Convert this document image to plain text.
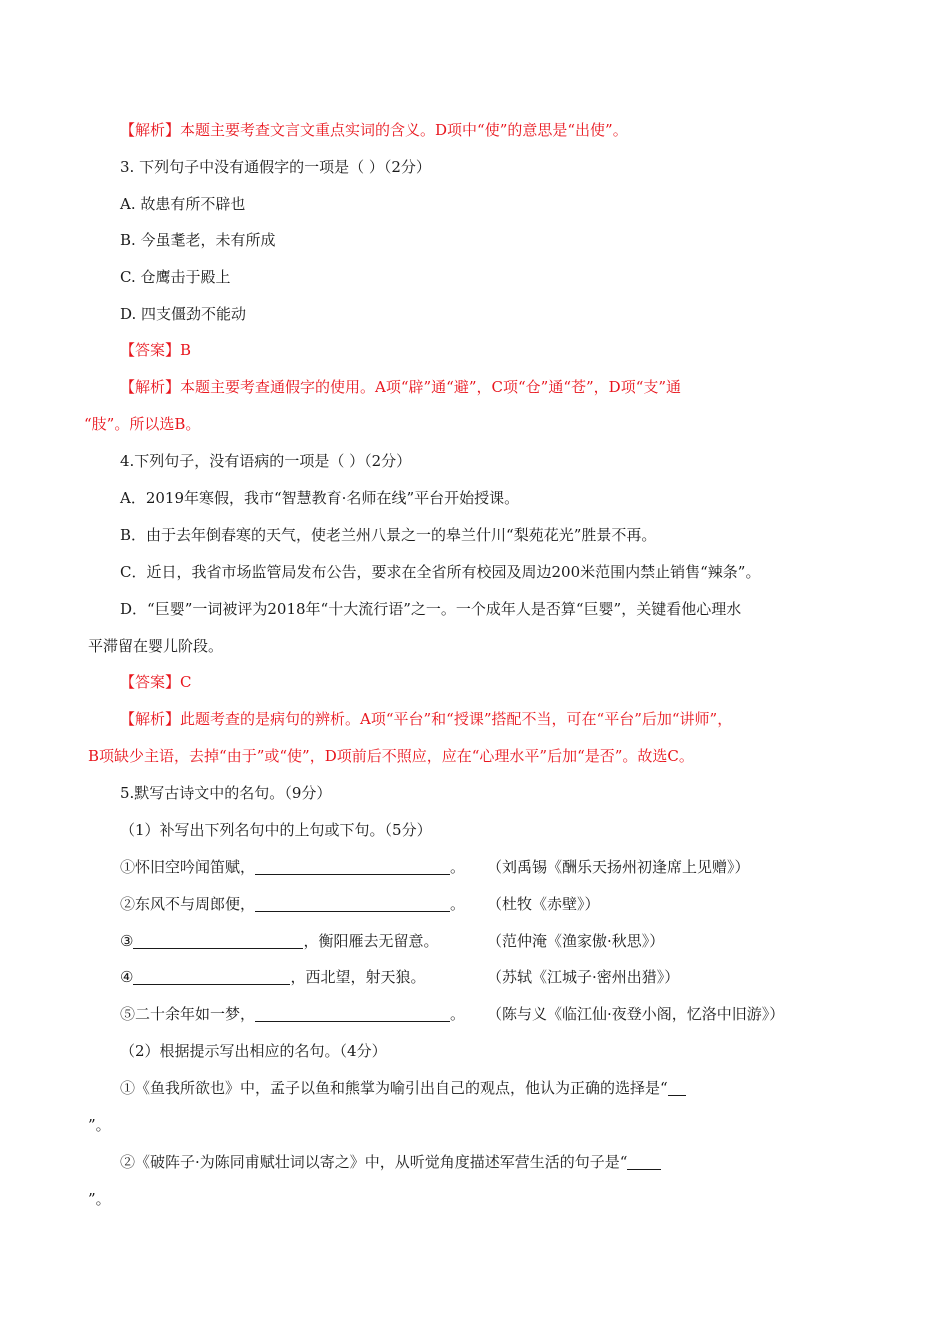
【解析】本题主要考查文言文重点实词的含义。D项中“使”的意思是“出使”。
3. 下列句子中没有通假字的一项是（ ）（2分）
A. 故患有所不辟也
B. 今虽耄老，未有所成
C. 仓鹰击于殿上
D. 四支僵劲不能动
【答案】B
【解析】本题主要考查通假字的使用。A项“辟”通“避”，C项“仓”通“苍”，D项“支”通
“肢”。所以选B。
4.下列句子，没有语病的一项是（ ）（2分）
A．2019年寒假，我市“智慧教育·名师在线”平台开始授课。
B．由于去年倒春寒的天气，使老兰州八景之一的皋兰什川“梨苑花光”胜景不再。
C．近日，我省市场监管局发布公告，要求在全省所有校园及周边200米范围内禁止销售“辣条”。
D．“巨婴”一词被评为2018年“十大流行语”之一。一个成年人是否算“巨婴”，关键看他心理水
平滞留在婴儿阶段。
【答案】C
【解析】此题考查的是病句的辨析。A项“平台”和“授课”搭配不当，可在“平台”后加“讲师”，
B项缺少主语，去掉“由于”或“使”，D项前后不照应，应在“心理水平”后加“是否”。故选C。
5.默写古诗文中的名句。（9分）
（1）补写出下列名句中的上句或下句。（5分）
①怀旧空吟闻笛赋，	。 （刘禹锡《酬乐天扬州初逢席上见赠》）
②东风不与周郎便，	。 （杜牧《赤壁》）
③	，衡阳雁去无留意。	（范仲淹《渔家傲·秋思》）
④	，西北望，射天狼。	（苏轼《江城子·密州出猎》）
⑤二十余年如一梦，	。 （陈与义《临江仙·夜登小阁，忆洛中旧游》）
（2）根据提示写出相应的名句。（4分）
①《鱼我所欲也》中，孟子以鱼和熊掌为喻引出自己的观点，他认为正确的选择是“
”。
②《破阵子·为陈同甫赋壮词以寄之》中，从听觉角度描述军营生活的句子是“
”。
